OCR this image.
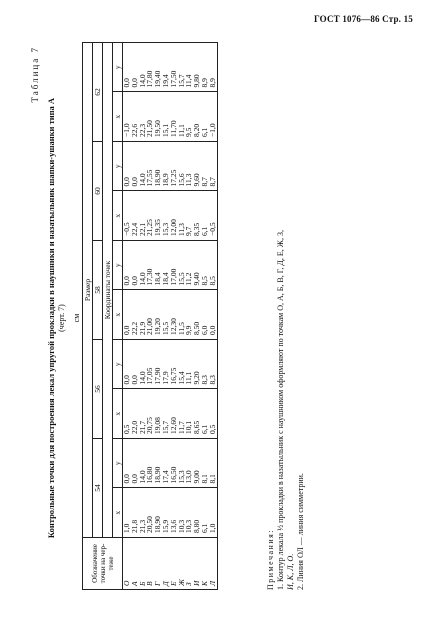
ГОСТ 1076—86 Стр. 15
Таблица 7
Контрольные точки для построения лекал упругой прокладки в наушники и назатыльник шапки-ушанки типа А (черт. 7) см
Обозначение точки на чер-теже	Размер									
	54		56		58		60		62	
	Координаты точек									
	x	y	x	y	x	y	x	y	x	y
О	1,0	0,0	0,5	0,0	0,0	0,0	−0,5	0,0	−1,0	0,0
А	21,8	0,0	22,0	0,0	22,2	0,0	22,4	0,0	22,6	0,0
Б	21,3	14,0	21,7	14,0	21,9	14,0	22,1	14,0	22,3	14,0
В	20,50	16,80	20,75	17,05	21,00	17,30	21,25	17,55	21,50	17,80
Г	18,90	18,90	19,08	17,90	19,20	18,4	19,35	18,90	19,50	19,40
Д	15,9	17,4	15,7	17,9	15,5	18,4	15,3	18,9	15,1	19,4
Е	13,6	16,50	12,60	16,75	12,30	17,00	12,00	17,25	11,70	17,50
Ж	10,3	15,3	11,7	15,4	11,5	15,5	11,3	15,6	11,1	15,7
З	10,3	13,0	10,1	11,1	9,9	11,2	9,7	11,3	9,5	11,4
И	8,80	9,00	8,65	9,20	8,50	9,40	8,35	9,60	8,20	9,80
К	6,1	8,1	6,1	8,3	6,0	8,5	6,1	8,7	6,1	8,9
Л	1,0	8,1	0,5	8,3	0,0	8,5	−0,5	8,7	−1,0	8,9

Примечания: 1. Контур лекала ½ прокладки в назатыльник с наушником оформляют по точкам О, А, Б, В, Г, Д, Е, Ж, З, И, К, Л, О. 2. Линия ОЛ — линия симметрии.
